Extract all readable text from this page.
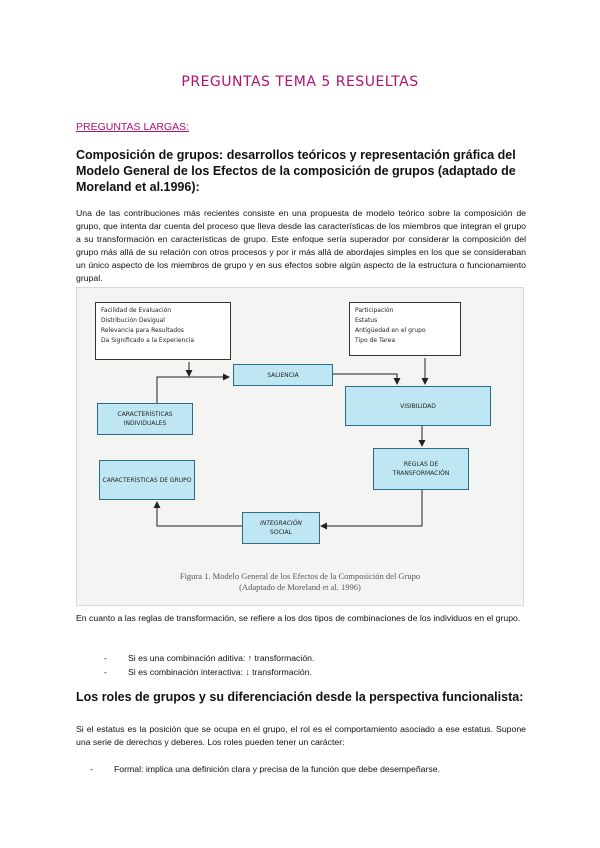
PREGUNTAS TEMA 5 RESUELTAS
PREGUNTAS LARGAS:
Composición de grupos: desarrollos teóricos y representación gráfica del Modelo General de los Efectos de la composición de grupos (adaptado de Moreland et al.1996):
Una de las contribuciones más recientes consiste en una propuesta de modelo teórico sobre la composición de grupo, que intenta dar cuenta del proceso que lleva desde las características de los miembros que integran el grupo a su transformación en características de grupo. Este enfoque sería superador por considerar la composición del grupo más allá de su relación con otros procesos y por ir más allá de abordajes simples en los que se consideraban un único aspecto de los miembros de grupo y en sus efectos sobre algún aspecto de la estructura o funcionamiento grupal.
Facilidad de Evaluación
Distribución Desigual
Relevancia para Resultados
Da Significado a la Experiencia
Participación
Estatus
Antigüedad en el grupo
Tipo de Tarea
SALIENCIA
CARACTERÍSTICAS INDIVIDUALES
VISIBILIDAD
REGLAS DE TRANSFORMACIÓN
CARACTERÍSTICAS DE GRUPO
INTEGRACIÓN
SOCIAL
Figura 1. Modelo General de los Efectos de la Composición del Grupo
(Adaptado de Moreland et al. 1996)
En cuanto a las reglas de transformación, se refiere a los dos tipos de combinaciones de los individuos en el grupo.
- Si es una combinación aditiva: ↑ transformación.
- Si es combinación interactiva: ↓ transformación.
Los roles de grupos y su diferenciación desde la perspectiva funcionalista:
Si el estatus es la posición que se ocupa en el grupo, el rol es el comportamiento asociado a ese estatus. Supone una serie de derechos y deberes. Los roles pueden tener un carácter:
- Formal: implica una definición clara y precisa de la función que debe desempeñarse.
